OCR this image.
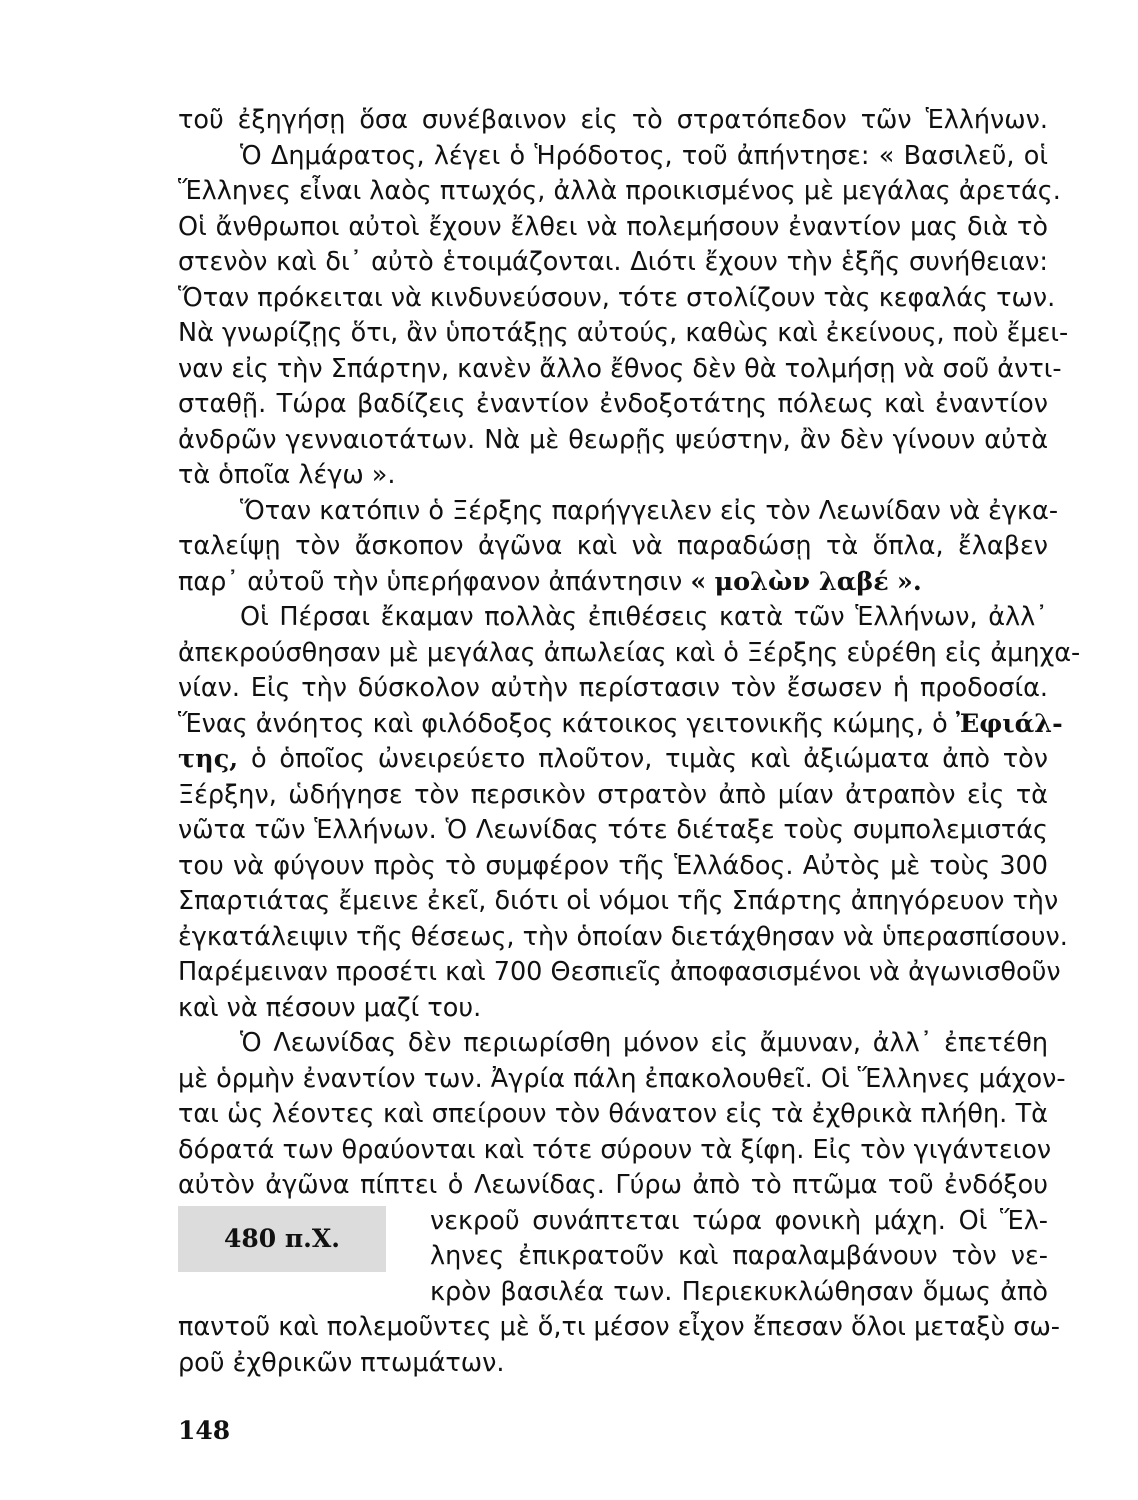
τοῦ ἐξηγήσῃ ὅσα συνέβαινον εἰς τὸ στρατόπεδον τῶν Ἑλλήνων.
Ὁ Δημάρατος, λέγει ὁ Ἡρόδοτος, τοῦ ἀπήντησε: « Βασιλεῦ, οἱ
Ἕλληνες εἶναι λαὸς πτωχός, ἀλλὰ προικισμένος μὲ μεγάλας ἀρετάς.
Οἱ ἄνθρωποι αὐτοὶ ἔχουν ἔλθει νὰ πολεμήσουν ἐναντίον μας διὰ τὸ
στενὸν καὶ δι᾽ αὐτὸ ἑτοιμάζονται. Διότι ἔχουν τὴν ἑξῆς συνήθειαν:
Ὅταν πρόκειται νὰ κινδυνεύσουν, τότε στολίζουν τὰς κεφαλάς των.
Νὰ γνωρίζῃς ὅτι, ἂν ὑποτάξῃς αὐτούς, καθὼς καὶ ἐκείνους, ποὺ ἔμει-
ναν εἰς τὴν Σπάρτην, κανὲν ἄλλο ἔθνος δὲν θὰ τολμήσῃ νὰ σοῦ ἀντι-
σταθῇ. Τώρα βαδίζεις ἐναντίον ἐνδοξοτάτης πόλεως καὶ ἐναντίον
ἀνδρῶν γενναιοτάτων. Νὰ μὲ θεωρῇς ψεύστην, ἂν δὲν γίνουν αὐτὰ
τὰ ὁποῖα λέγω ».
Ὅταν κατόπιν ὁ Ξέρξης παρήγγειλεν εἰς τὸν Λεωνίδαν νὰ ἐγκα-
ταλείψῃ τὸν ἄσκοπον ἀγῶνα καὶ νὰ παραδώσῃ τὰ ὅπλα, ἔλαβεν
παρ᾽ αὐτοῦ τὴν ὑπερήφανον ἀπάντησιν « μολὼν λαβέ ».
Οἱ Πέρσαι ἔκαμαν πολλὰς ἐπιθέσεις κατὰ τῶν Ἑλλήνων, ἀλλ᾽
ἀπεκρούσθησαν μὲ μεγάλας ἀπωλείας καὶ ὁ Ξέρξης εὑρέθη εἰς ἀμηχα-
νίαν. Εἰς τὴν δύσκολον αὐτὴν περίστασιν τὸν ἔσωσεν ἡ προδοσία.
Ἕνας ἀνόητος καὶ φιλόδοξος κάτοικος γειτονικῆς κώμης, ὁ Ἐφιάλ-
της, ὁ ὁποῖος ὠνειρεύετο πλοῦτον, τιμὰς καὶ ἀξιώματα ἀπὸ τὸν
Ξέρξην, ὡδήγησε τὸν περσικὸν στρατὸν ἀπὸ μίαν ἀτραπὸν εἰς τὰ
νῶτα τῶν Ἑλλήνων. Ὁ Λεωνίδας τότε διέταξε τοὺς συμπολεμιστάς
του νὰ φύγουν πρὸς τὸ συμφέρον τῆς Ἑλλάδος. Αὐτὸς μὲ τοὺς 300
Σπαρτιάτας ἔμεινε ἐκεῖ, διότι οἱ νόμοι τῆς Σπάρτης ἀπηγόρευον τὴν
ἐγκατάλειψιν τῆς θέσεως, τὴν ὁποίαν διετάχθησαν νὰ ὑπερασπίσουν.
Παρέμειναν προσέτι καὶ 700 Θεσπιεῖς ἀποφασισμένοι νὰ ἀγωνισθοῦν
καὶ νὰ πέσουν μαζί του.
Ὁ Λεωνίδας δὲν περιωρίσθη μόνον εἰς ἄμυναν, ἀλλ᾽ ἐπετέθη
μὲ ὁρμὴν ἐναντίον των. Ἀγρία πάλη ἐπακολουθεῖ. Οἱ Ἕλληνες μάχον-
ται ὡς λέοντες καὶ σπείρουν τὸν θάνατον εἰς τὰ ἐχθρικὰ πλήθη. Τὰ
δόρατά των θραύονται καὶ τότε σύρουν τὰ ξίφη. Εἰς τὸν γιγάντειον
αὐτὸν ἀγῶνα πίπτει ὁ Λεωνίδας. Γύρω ἀπὸ τὸ πτῶμα τοῦ ἐνδόξου
480 π.Χ.
νεκροῦ συνάπτεται τώρα φονικὴ μάχη. Οἱ Ἕλ-
ληνες ἐπικρατοῦν καὶ παραλαμβάνουν τὸν νε-
κρὸν βασιλέα των. Περιεκυκλώθησαν ὅμως ἀπὸ
παντοῦ καὶ πολεμοῦντες μὲ ὅ,τι μέσον εἶχον ἔπεσαν ὅλοι μεταξὺ σω-
ροῦ ἐχθρικῶν πτωμάτων.
148
